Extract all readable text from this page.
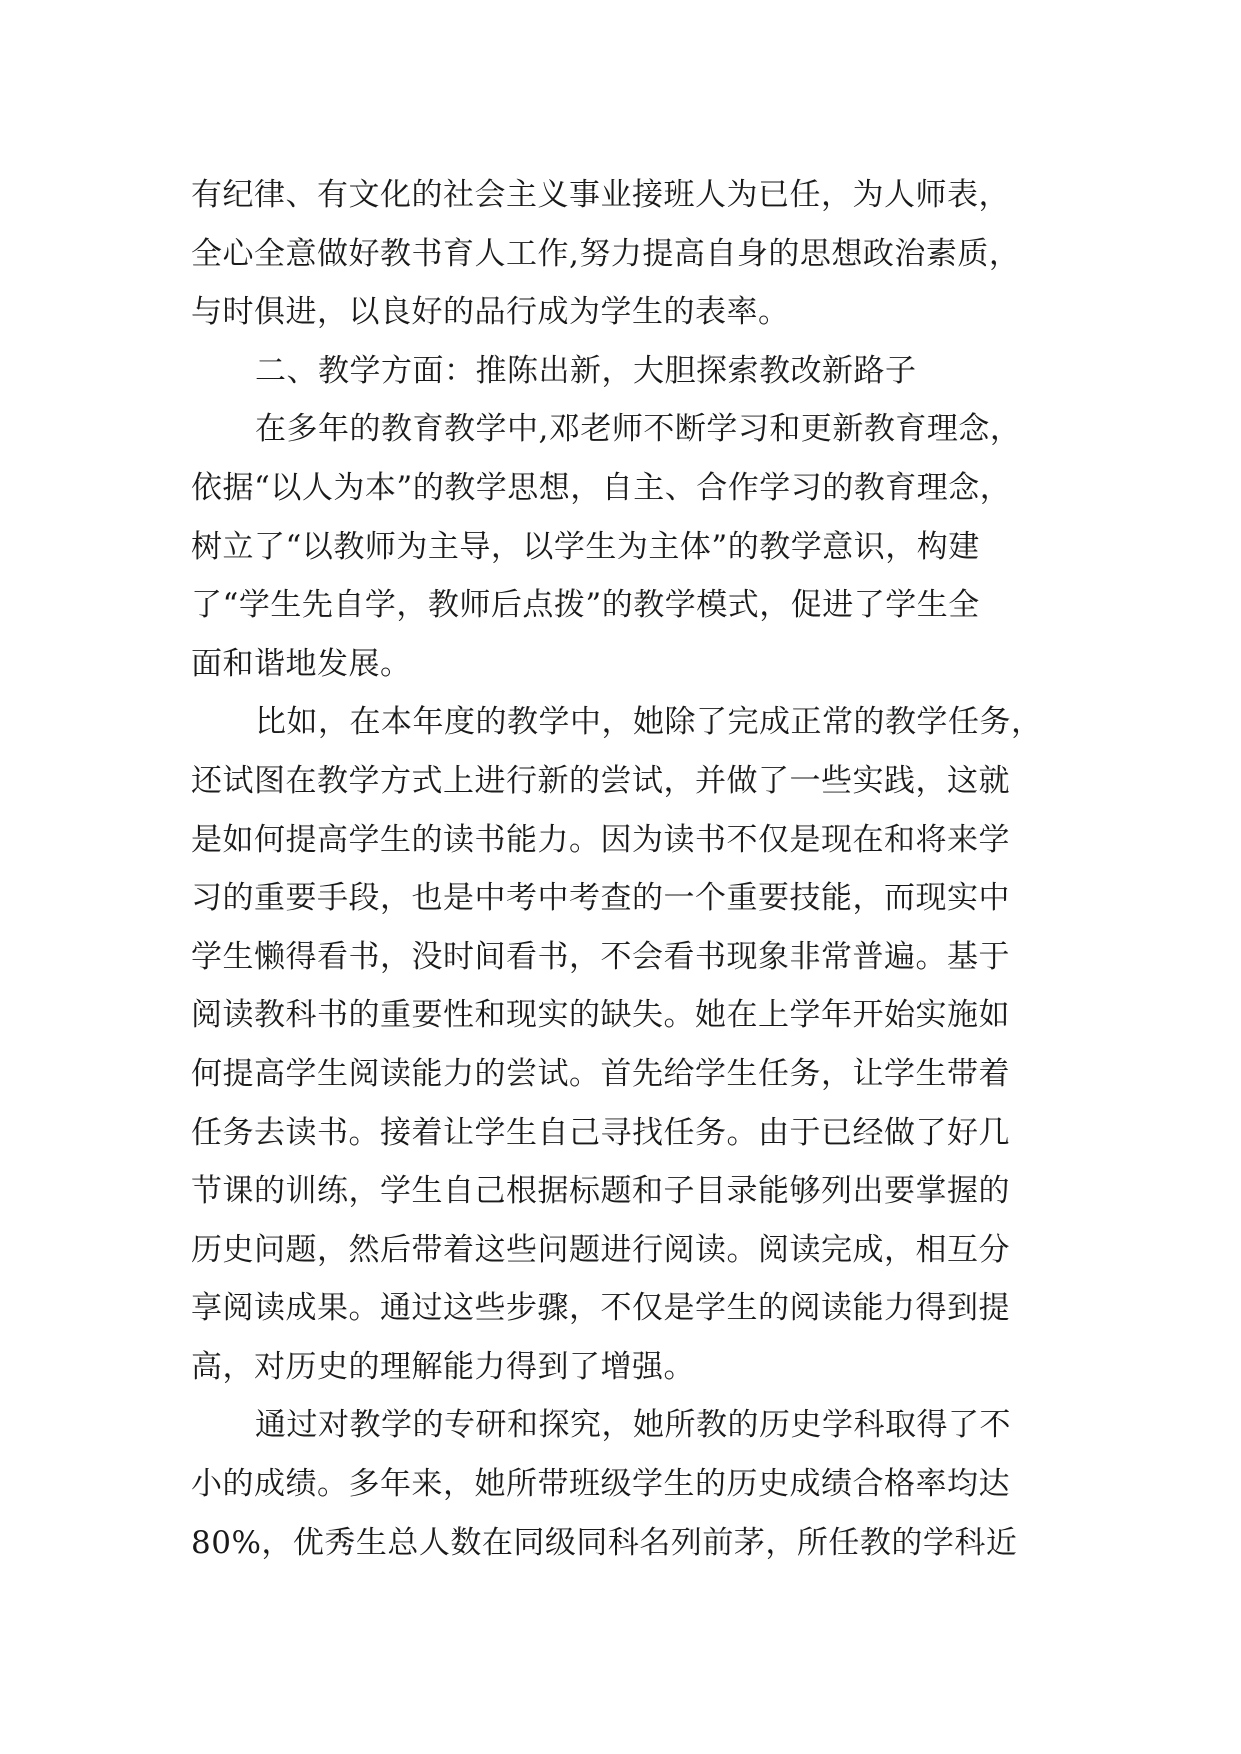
有纪律、有文化的社会主义事业接班人为已任，为人师表，
全心全意做好教书育人工作,努力提高自身的思想政治素质，
与时俱进，以良好的品行成为学生的表率。
二、教学方面：推陈出新，大胆探索教改新路子
在多年的教育教学中,邓老师不断学习和更新教育理念，
依据“以人为本”的教学思想，自主、合作学习的教育理念，
树立了“以教师为主导，以学生为主体”的教学意识，构建
了“学生先自学，教师后点拨”的教学模式，促进了学生全
面和谐地发展。
比如，在本年度的教学中，她除了完成正常的教学任务，
还试图在教学方式上进行新的尝试，并做了一些实践，这就
是如何提高学生的读书能力。因为读书不仅是现在和将来学
习的重要手段，也是中考中考查的一个重要技能，而现实中
学生懒得看书，没时间看书，不会看书现象非常普遍。基于
阅读教科书的重要性和现实的缺失。她在上学年开始实施如
何提高学生阅读能力的尝试。首先给学生任务，让学生带着
任务去读书。接着让学生自己寻找任务。由于已经做了好几
节课的训练，学生自己根据标题和子目录能够列出要掌握的
历史问题，然后带着这些问题进行阅读。阅读完成，相互分
享阅读成果。通过这些步骤，不仅是学生的阅读能力得到提
高，对历史的理解能力得到了增强。
通过对教学的专研和探究，她所教的历史学科取得了不
小的成绩。多年来，她所带班级学生的历史成绩合格率均达
80%，优秀生总人数在同级同科名列前茅，所任教的学科近
